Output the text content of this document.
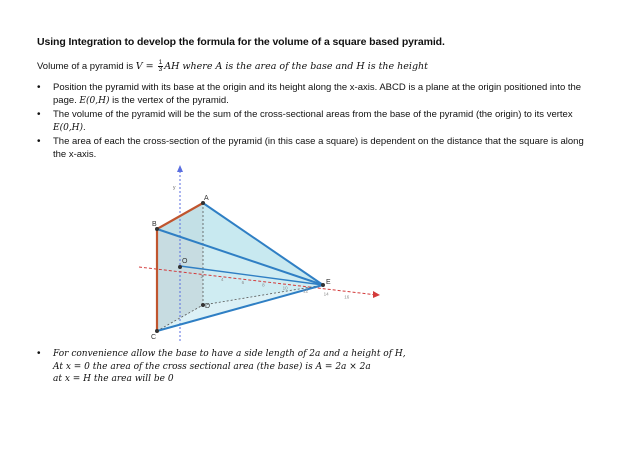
Using Integration to develop the formula for the volume of a square based pyramid.
Volume of a pyramid is $V = \frac{1}{3}$ AH where A is the area of the base and H is the height
• Position the pyramid with its base at the origin and its height along the x-axis. ABCD is a plane at the origin positioned into the page. E(0,H) is the vertex of the pyramid.
• The volume of the pyramid will be the sum of the cross-sectional areas from the base of the pyramid (the origin) to its vertex E(0,H).
• The area of each the cross-section of the pyramid (in this case a square) is dependent on the distance that the square is along the x-axis.
2
4
6
8
10
12
14
16
A
B
C
D
E
O
y
• For convenience allow the base to have a side length of 2a and a height of H,
At x = 0 the area of the cross sectional area (the base) is A = 2a × 2a
at x = H the area will be 0
